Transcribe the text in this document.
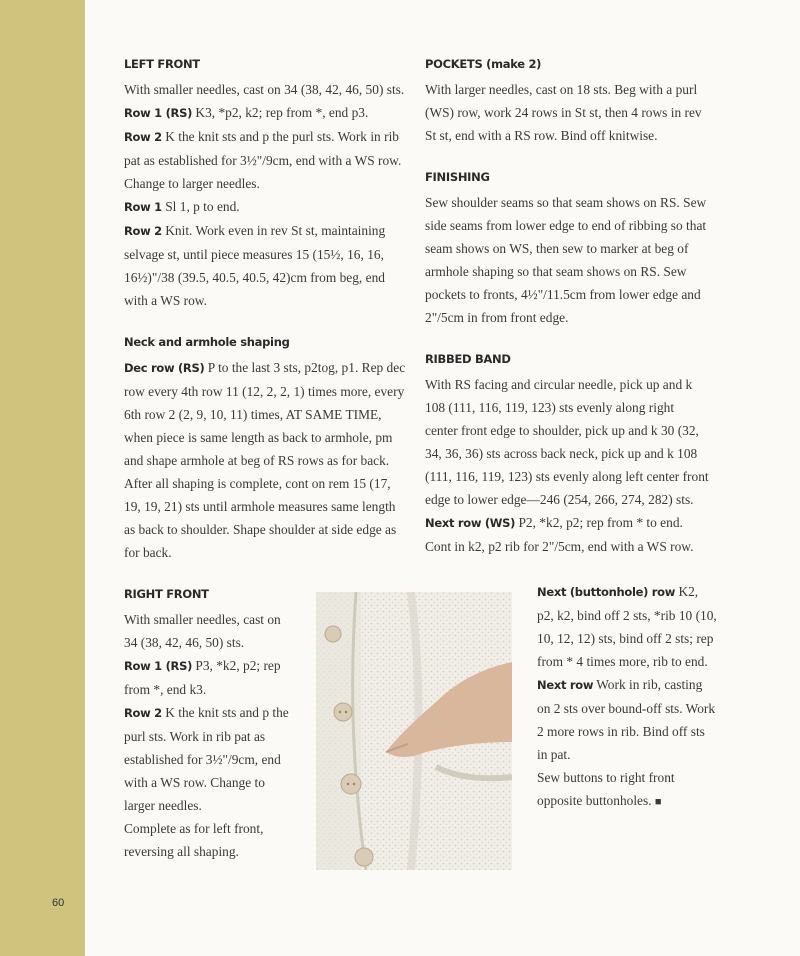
60

LEFT FRONT

With smaller needles, cast on 34 (38, 42, 46, 50) sts.

Row 1 (RS) K3, *p2, k2; rep from *, end p3.

Row 2 K the knit sts and p the purl sts. Work in rib pat as established for 3½"/9cm, end with a WS row.

Change to larger needles.

Row 1 Sl 1, p to end.

Row 2 Knit. Work even in rev St st, maintaining selvage st, until piece measures 15 (15½, 16, 16, 16½)"/38 (39.5, 40.5, 40.5, 42)cm from beg, end with a WS row.

Neck and armhole shaping

Dec row (RS) P to the last 3 sts, p2tog, p1. Rep dec row every 4th row 11 (12, 2, 2, 1) times more, every 6th row 2 (2, 9, 10, 11) times, AT SAME TIME, when piece is same length as back to armhole, pm and shape armhole at beg of RS rows as for back. After all shaping is complete, cont on rem 15 (17, 19, 19, 21) sts until armhole measures same length as back to shoulder. Shape shoulder at side edge as for back.

RIGHT FRONT

With smaller needles, cast on 34 (38, 42, 46, 50) sts.

Row 1 (RS) P3, *k2, p2; rep from *, end k3.

Row 2 K the knit sts and p the purl sts. Work in rib pat as established for 3½"/9cm, end with a WS row. Change to larger needles.

Complete as for left front, reversing all shaping.

POCKETS (make 2)

With larger needles, cast on 18 sts. Beg with a purl (WS) row, work 24 rows in St st, then 4 rows in rev St st, end with a RS row. Bind off knitwise.

FINISHING

Sew shoulder seams so that seam shows on RS. Sew side seams from lower edge to end of ribbing so that seam shows on WS, then sew to marker at beg of armhole shaping so that seam shows on RS. Sew pockets to fronts, 4½"/11.5cm from lower edge and 2"/5cm in from front edge.

RIBBED BAND

With RS facing and circular needle, pick up and k 108 (111, 116, 119, 123) sts evenly along right center front edge to shoulder, pick up and k 30 (32, 34, 36, 36) sts across back neck, pick up and k 108 (111, 116, 119, 123) sts evenly along left center front edge to lower edge—246 (254, 266, 274, 282) sts.

Next row (WS) P2, *k2, p2; rep from * to end. Cont in k2, p2 rib for 2"/5cm, end with a WS row.

Next (buttonhole) row K2, p2, k2, bind off 2 sts, *rib 10 (10, 10, 12, 12) sts, bind off 2 sts; rep from * 4 times more, rib to end.

Next row Work in rib, casting on 2 sts over bound-off sts. Work 2 more rows in rib. Bind off sts in pat.

Sew buttons to right front opposite buttonholes. ■
